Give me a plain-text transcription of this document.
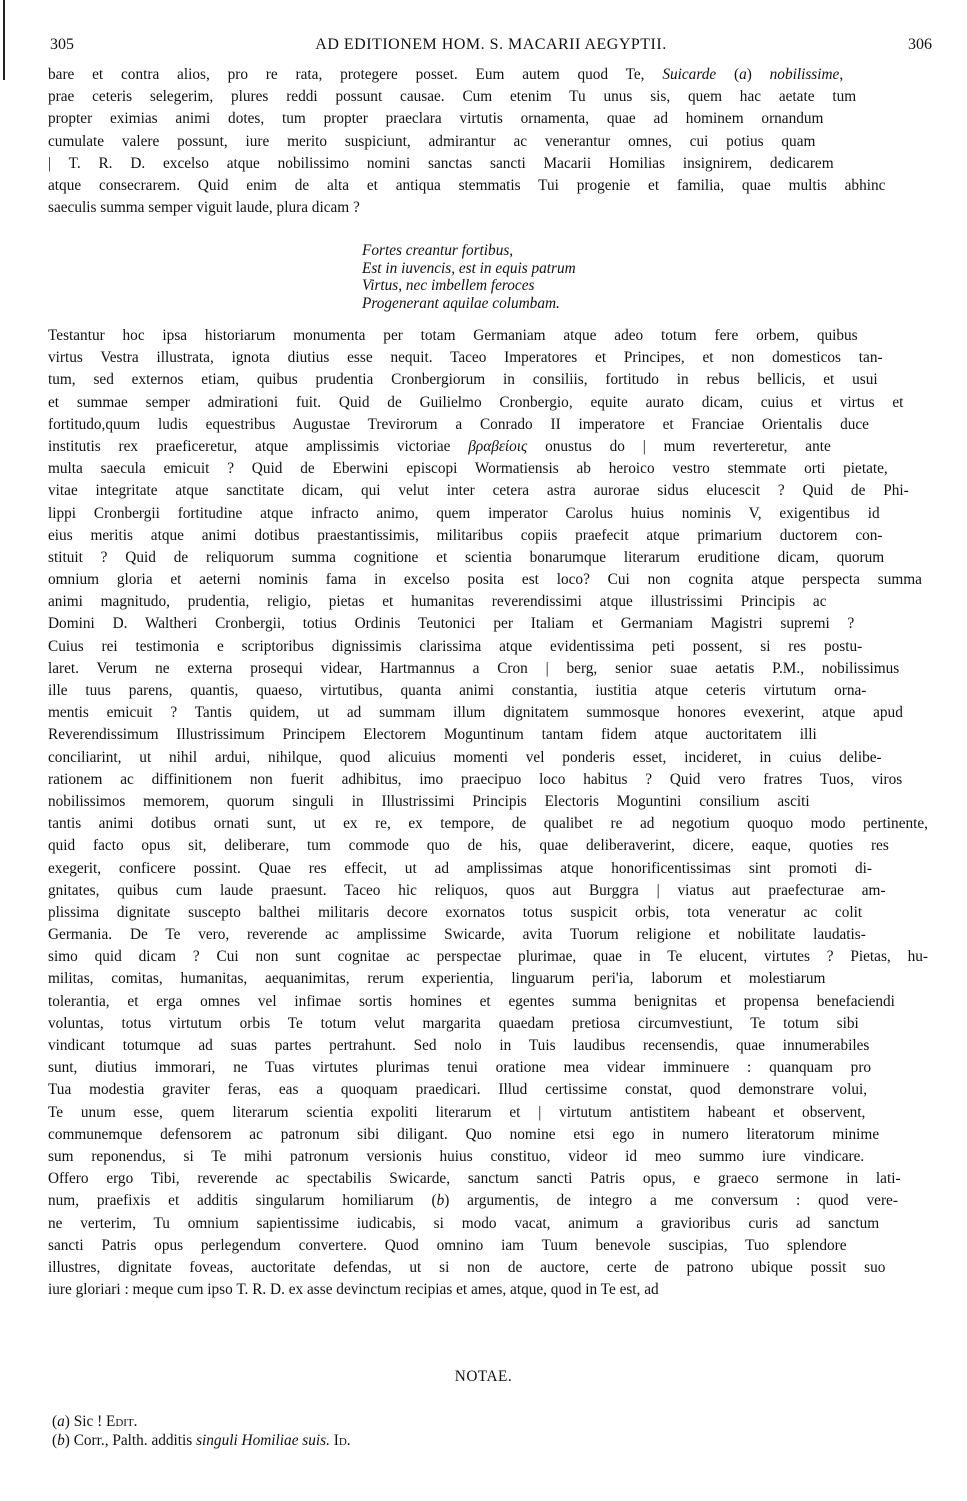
305	AD EDITIONEM HOM. S. MACARII AEGYPTII.	306
bare et contra alios, pro re rata, protegere posset. Eum autem quod Te, Suicarde (a) nobilissime,
prae ceteris selegerim, plures reddi possunt causae. Cum etenim Tu unus sis, quem hac aetate tum
propter eximias animi dotes, tum propter praeclara virtutis ornamenta, quae ad hominem ornandum
cumulate valere possunt, iure merito suspiciunt, admirantur ac venerantur omnes, cui potius quam
| T. R. D. excelso atque nobilissimo nomini sanctas sancti Macarii Homilias insignirem, dedicarem
atque consecrarem. Quid enim de alta et antiqua stemmatis Tui progenie et familia, quae multis abhinc
saeculis summa semper viguit laude, plura dicam ?
Fortes creantur fortibus,
Est in iuvencis, est in equis patrum
Virtus, nec imbellem feroces
Progenerant aquilae columbam.
Testantur hoc ipsa historiarum monumenta per totam Germaniam atque adeo totum fere orbem, quibus
virtus Vestra illustrata, ignota diutius esse nequit. Taceo Imperatores et Principes, et non domesticos tan-
tum, sed externos etiam, quibus prudentia Cronbergiorum in consiliis, fortitudo in rebus bellicis, et usui
et summae semper admirationi fuit. Quid de Guilielmo Cronbergio, equite aurato dicam, cuius et virtus et
fortitudo,quum ludis equestribus Augustae Trevirorum a Conrado II imperatore et Franciae Orientalis duce
institutis rex praeficeretur, atque amplissimis victoriae βραβείοις onustus do | mum reverteretur, ante
multa saecula emicuit ? Quid de Eberwini episcopi Wormatiensis ab heroico vestro stemmate orti pietate,
vitae integritate atque sanctitate dicam, qui velut inter cetera astra aurorae sidus elucescit ? Quid de Phi-
lippi Cronbergii fortitudine atque infracto animo, quem imperator Carolus huius nominis V, exigentibus id
eius meritis atque animi dotibus praestantissimis, militaribus copiis praefecit atque primarium ductorem con-
stituit ? Quid de reliquorum summa cognitione et scientia bonarumque literarum eruditione dicam, quorum
omnium gloria et aeterni nominis fama in excelso posita est loco? Cui non cognita atque perspecta summa
animi magnitudo, prudentia, religio, pietas et humanitas reverendissimi atque illustrissimi Principis ac
Domini D. Waltheri Cronbergii, totius Ordinis Teutonici per Italiam et Germaniam Magistri supremi ?
Cuius rei testimonia e scriptoribus dignissimis clarissima atque evidentissima peti possent, si res postu-
laret. Verum ne externa prosequi videar, Hartmannus a Cron | berg, senior suae aetatis P.M., nobilissimus
ille tuus parens, quantis, quaeso, virtutibus, quanta animi constantia, iustitia atque ceteris virtutum orna-
mentis emicuit ? Tantis quidem, ut ad summam illum dignitatem summosque honores evexerint, atque apud
Reverendissimum Illustrissimum Principem Electorem Moguntinum tantam fidem atque auctoritatem illi
conciliarint, ut nihil ardui, nihilque, quod alicuius momenti vel ponderis esset, incideret, in cuius delibe-
rationem ac diffinitionem non fuerit adhibitus, imo praecipuo loco habitus ? Quid vero fratres Tuos, viros
nobilissimos memorem, quorum singuli in Illustrissimi Principis Electoris Moguntini consilium asciti
tantis animi dotibus ornati sunt, ut ex re, ex tempore, de qualibet re ad negotium quoquo modo pertinente,
quid facto opus sit, deliberare, tum commode quo de his, quae deliberaverint, dicere, eaque, quoties res
exegerit, conficere possint. Quae res effecit, ut ad amplissimas atque honorificentissimas sint promoti di-
gnitates, quibus cum laude praesunt. Taceo hic reliquos, quos aut Burggra | viatus aut praefecturae am-
plissima dignitate suscepto balthei militaris decore exornatos totus suspicit orbis, tota veneratur ac colit
Germania. De Te vero, reverende ac amplissime Swicarde, avita Tuorum religione et nobilitate laudatis-
simo quid dicam ? Cui non sunt cognitae ac perspectae plurimae, quae in Te elucent, virtutes ? Pietas, hu-
militas, comitas, humanitas, aequanimitas, rerum experientia, linguarum peri'ia, laborum et molestiarum
tolerantia, et erga omnes vel infimae sortis homines et egentes summa benignitas et propensa benefaciendi
voluntas, totus virtutum orbis Te totum velut margarita quaedam pretiosa circumvestiunt, Te totum sibi
vindicant totumque ad suas partes pertrahunt. Sed nolo in Tuis laudibus recensendis, quae innumerabiles
sunt, diutius immorari, ne Tuas virtutes plurimas tenui oratione mea videar imminuere : quanquam pro
Tua modestia graviter feras, eas a quoquam praedicari. Illud certissime constat, quod demonstrare volui,
Te unum esse, quem literarum scientia expoliti literarum et | virtutum antistitem habeant et observent,
communemque defensorem ac patronum sibi diligant. Quo nomine etsi ego in numero literatorum minime
sum reponendus, si Te mihi patronum versionis huius constituo, videor id meo summo iure vindicare.
Offero ergo Tibi, reverende ac spectabilis Swicarde, sanctum sancti Patris opus, e graeco sermone in lati-
num, praefixis et additis singularum homiliarum (b) argumentis, de integro a me conversum : quod vere-
ne verterim, Tu omnium sapientissime iudicabis, si modo vacat, animum a gravioribus curis ad sanctum
sancti Patris opus perlegendum convertere. Quod omnino iam Tuum benevole suscipias, Tuo splendore
illustres, dignitate foveas, auctoritate defendas, ut si non de auctore, certe de patrono ubique possit suo
iure gloriari : meque cum ipso T. R. D. ex asse devinctum recipias et ames, atque, quod in Te est, ad
NOTAE.
(a) Sic ! Edit.
(b) Corr., Palth. additis singuli Homiliae suis. Id.
